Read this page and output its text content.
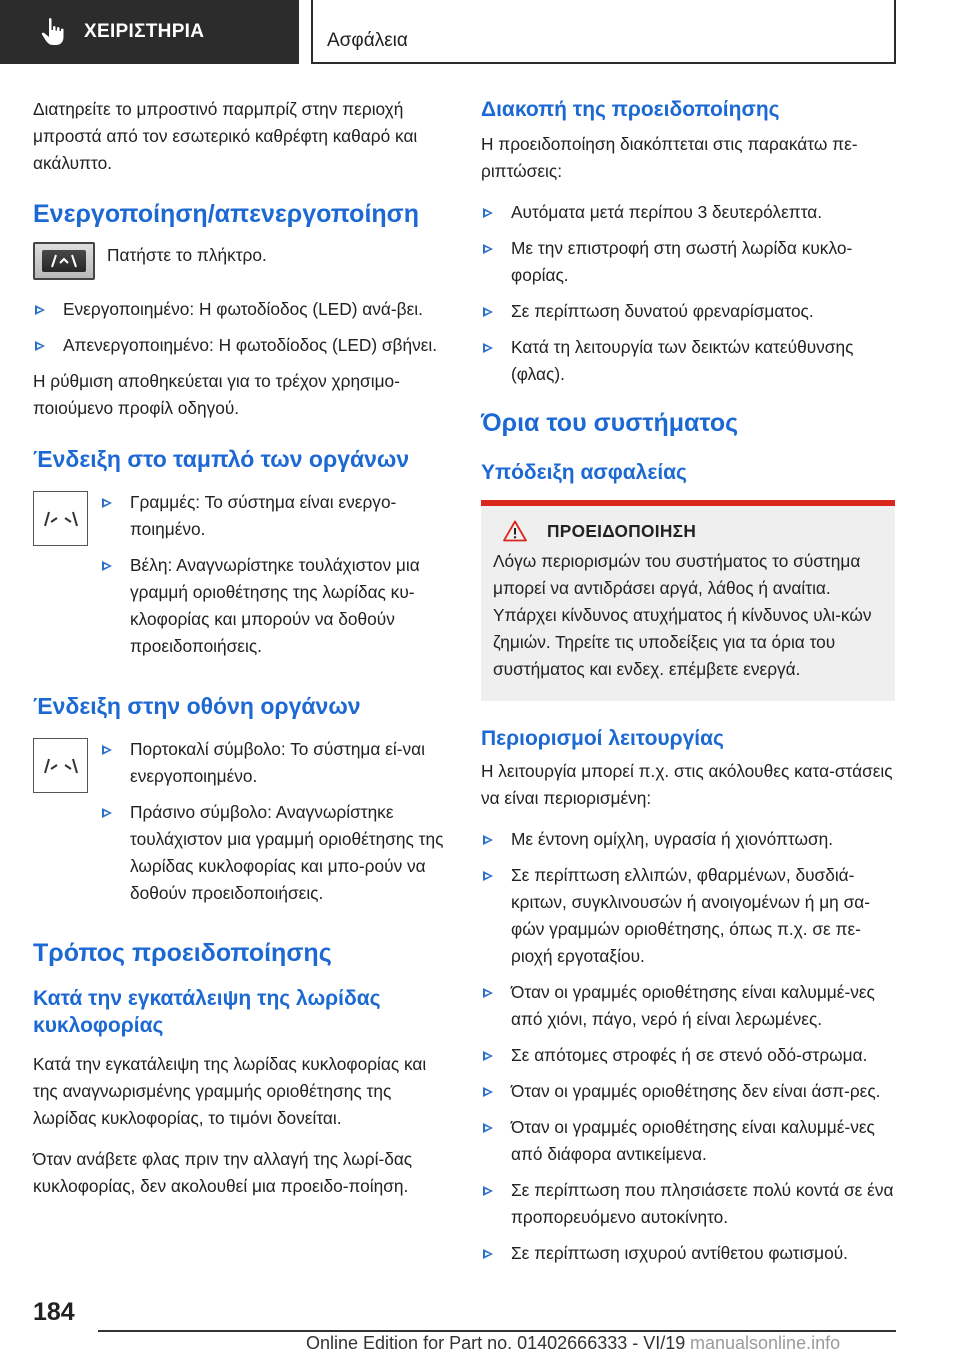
ΧΕΙΡΙΣΤΗΡΙΑ	Ασφάλεια

Διατηρείτε το μπροστινό παρμπρίζ στην περιοχή μπροστά από τον εσωτερικό καθρέφτη καθαρό και ακάλυπτο.

Ενεργοποίηση/απενεργοποίηση

Πατήστε το πλήκτρο.

Ενεργοποιημένο: Η φωτοδίοδος (LED) ανά-βει.
Απενεργοποιημένο: Η φωτοδίοδος (LED) σβήνει.

Η ρύθμιση αποθηκεύεται για το τρέχον χρησιμο-ποιούμενο προφίλ οδηγού.

Ένδειξη στο ταμπλό των οργάνων
Γραμμές: Το σύστημα είναι ενεργο-ποιημένο.
Βέλη: Αναγνωρίστηκε τουλάχιστον μια γραμμή οριοθέτησης της λωρίδας κυ-κλοφορίας και μπορούν να δοθούν προειδοποιήσεις.
Ένδειξη στην οθόνη οργάνων
Πορτοκαλί σύμβολο: Το σύστημα εί-ναι ενεργοποιημένο.
Πράσινο σύμβολο: Αναγνωρίστηκε τουλάχιστον μια γραμμή οριοθέτησης της λωρίδας κυκλοφορίας και μπο-ρούν να δοθούν προειδοποιήσεις.
Τρόπος προειδοποίησης
Κατά την εγκατάλειψη της λωρίδας κυκλοφορίας

Κατά την εγκατάλειψη της λωρίδας κυκλοφορίας και της αναγνωρισμένης γραμμής οριοθέτησης της λωρίδας κυκλοφορίας, το τιμόνι δονείται.

Όταν ανάβετε φλας πριν την αλλαγή της λωρί-δας κυκλοφορίας, δεν ακολουθεί μια προειδο-ποίηση.

Διακοπή της προειδοποίησης

Η προειδοποίηση διακόπτεται στις παρακάτω πε-ριπτώσεις:

Αυτόματα μετά περίπου 3 δευτερόλεπτα.
Με την επιστροφή στη σωστή λωρίδα κυκλο-φορίας.
Σε περίπτωση δυνατού φρεναρίσματος.
Κατά τη λειτουργία των δεικτών κατεύθυνσης (φλας).
Όρια του συστήματος
Υπόδειξη ασφαλείας
ΠΡΟΕΙΔΟΠΟΙΗΣΗ

Λόγω περιορισμών του συστήματος το σύστημα μπορεί να αντιδράσει αργά, λάθος ή αναίτια. Υπάρχει κίνδυνος ατυχήματος ή κίνδυνος υλι-κών ζημιών. Τηρείτε τις υποδείξεις για τα όρια του συστήματος και ενδεχ. επέμβετε ενεργά.

Περιορισμοί λειτουργίας

Η λειτουργία μπορεί π.χ. στις ακόλουθες κατα-στάσεις να είναι περιορισμένη:

Με έντονη ομίχλη, υγρασία ή χιονόπτωση.
Σε περίπτωση ελλιπών, φθαρμένων, δυσδιά-κριτων, συγκλινουσών ή ανοιγομένων ή μη σα-φών γραμμών οριοθέτησης, όπως π.χ. σε πε-ριοχή εργοταξίου.
Όταν οι γραμμές οριοθέτησης είναι καλυμμέ-νες από χιόνι, πάγο, νερό ή είναι λερωμένες.
Σε απότομες στροφές ή σε στενό οδό-στρωμα.
Όταν οι γραμμές οριοθέτησης δεν είναι άσπ-ρες.
Όταν οι γραμμές οριοθέτησης είναι καλυμμέ-νες από διάφορα αντικείμενα.
Σε περίπτωση που πλησιάσετε πολύ κοντά σε ένα προπορευόμενο αυτοκίνητο.
Σε περίπτωση ισχυρού αντίθετου φωτισμού.
184
Online Edition for Part no. 01402666333 - VI/19 manualsonline.info
